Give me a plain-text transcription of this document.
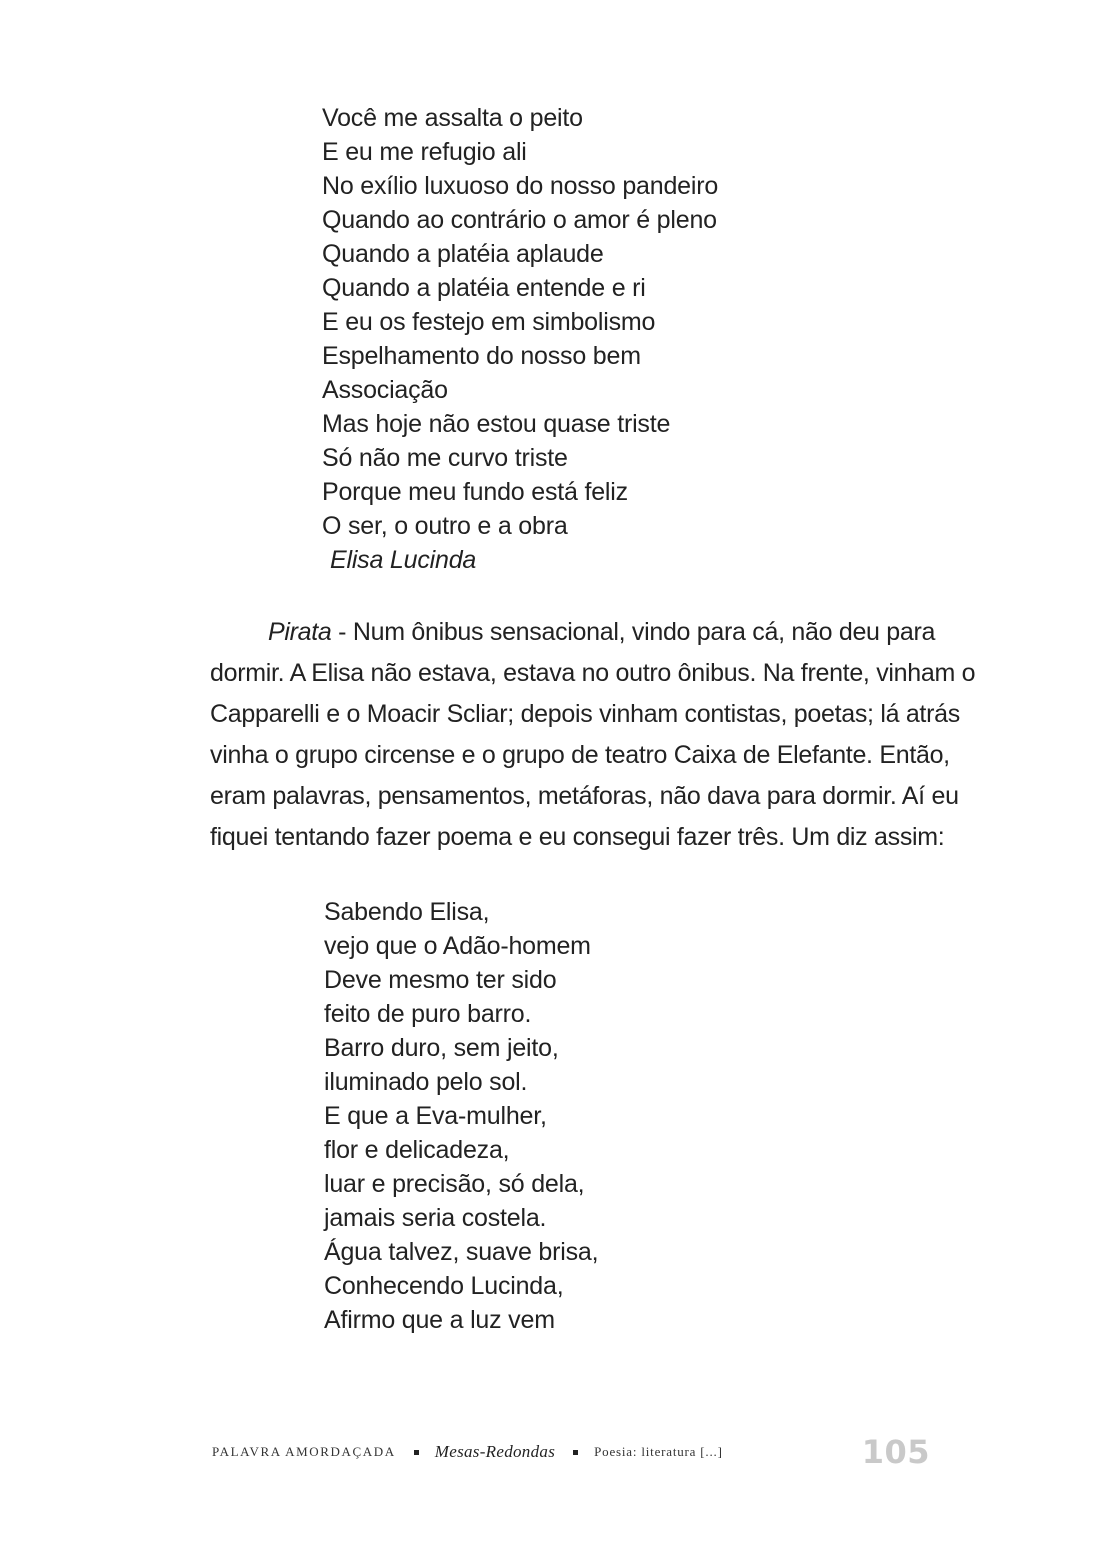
Você me assalta o peito
E eu me refugio ali
No exílio luxuoso do nosso pandeiro
Quando ao contrário o amor é pleno
Quando a platéia aplaude
Quando a platéia entende e ri
E eu os festejo em simbolismo
Espelhamento do nosso bem
Associação
Mas hoje não estou quase triste
Só não me curvo triste
Porque meu fundo está feliz
O ser, o outro e a obra
Elisa Lucinda
Pirata - Num ônibus sensacional, vindo para cá, não deu para
dormir. A Elisa não estava, estava no outro ônibus. Na frente, vinham o
Capparelli e o Moacir Scliar; depois vinham contistas, poetas; lá atrás
vinha o grupo circense e o grupo de teatro Caixa de Elefante. Então,
eram palavras, pensamentos, metáforas, não dava para dormir. Aí eu
fiquei tentando fazer poema e eu consegui fazer três. Um diz assim:
Sabendo Elisa,
vejo que o Adão-homem
Deve mesmo ter sido
feito de puro barro.
Barro duro, sem jeito,
iluminado pelo sol.
E que a Eva-mulher,
flor e delicadeza,
luar e precisão, só dela,
jamais seria costela.
Água talvez, suave brisa,
Conhecendo Lucinda,
Afirmo que a luz vem
PALAVRA AMORDAÇADA Mesas-Redondas	Poesia: literatura [...]	105
